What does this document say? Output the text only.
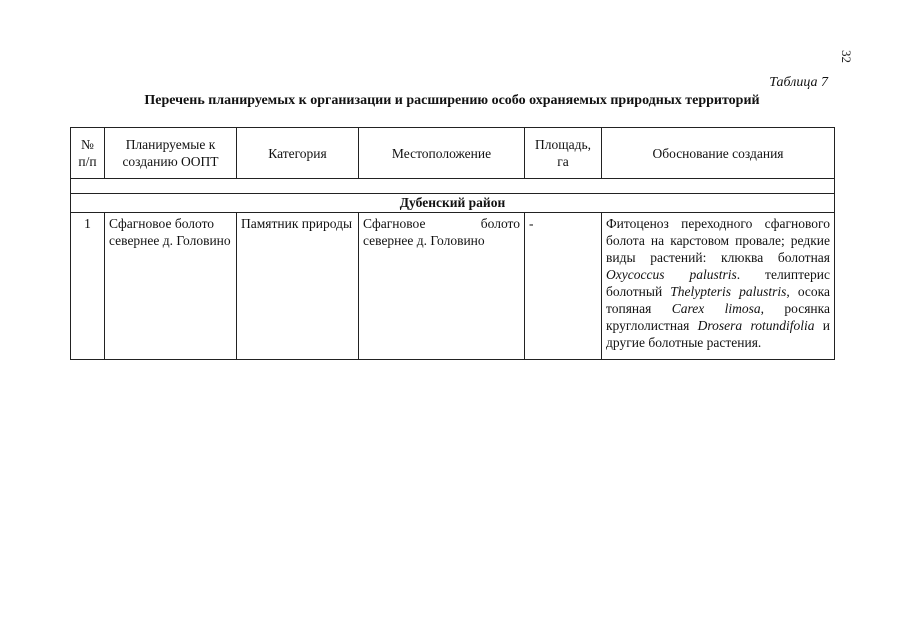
32
Таблица 7
Перечень планируемых к организации и расширению особо охраняемых природных территорий
№ п/п	Планируемые к созданию ООПТ	Категория	Местоположение	Площадь, га	Обоснование создания

Дубенский район					
1	Сфагновое болото севернее д. Головино	Памятник природы	Сфагновое болото севернее д. Головино	-	Фитоценоз переходного сфагнового болота на карстовом провале; редкие виды растений: клюква болотная Oxycoccus palustris. телиптерис болотный Thelypteris palustris, осока топяная Carex limosa, росянка круглолистная Drosera rotundifolia и другие болотные растения.
